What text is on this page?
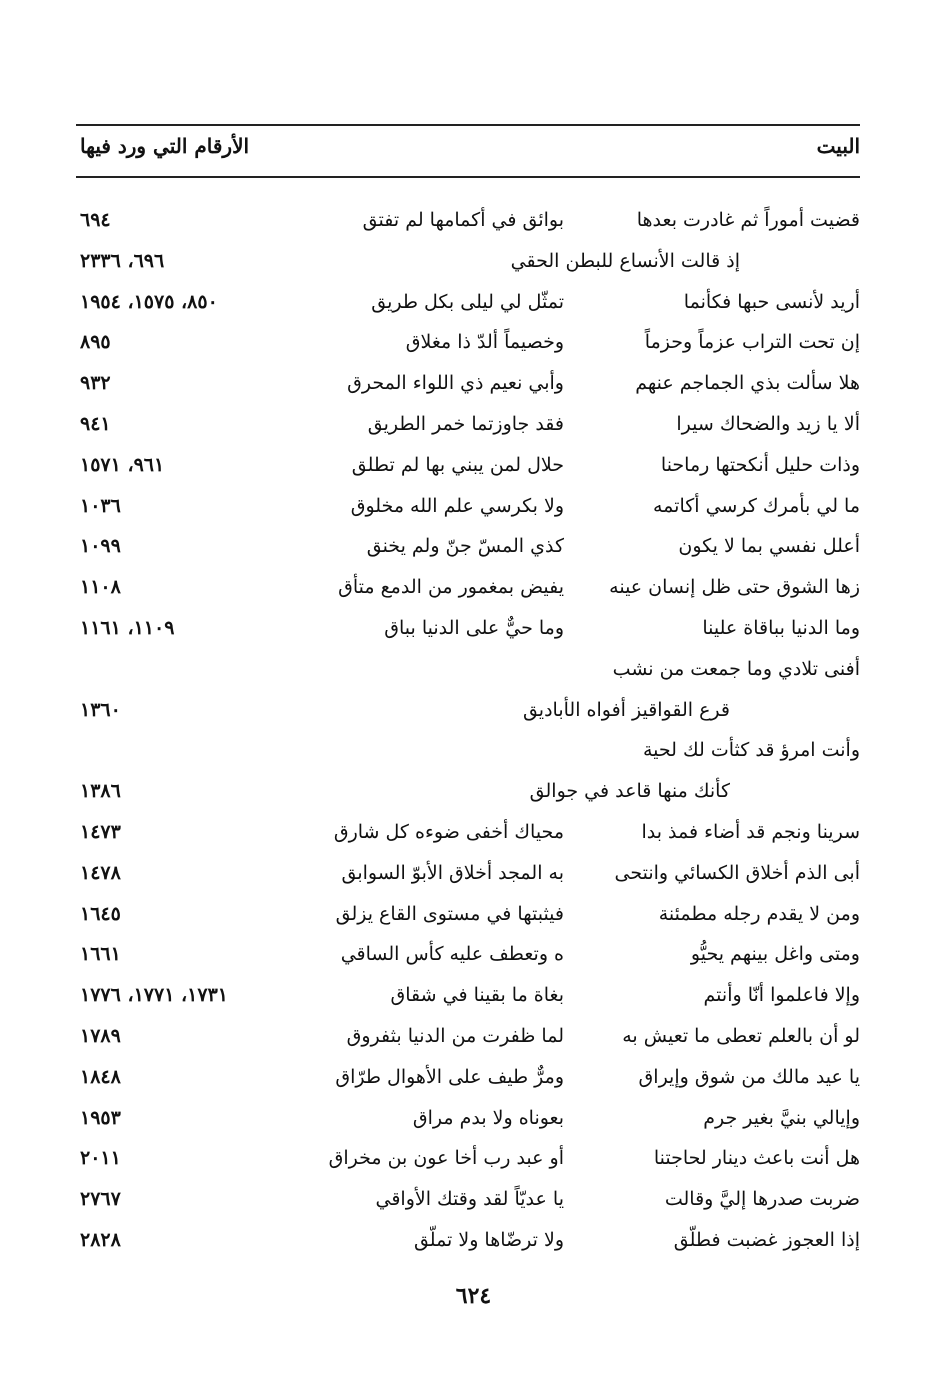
البيت
الأرقام التي ورد فيها
قضيت أموراً ثم غادرت بعدها
بوائق في أكمامها لم تفتق
٦٩٤
إذ قالت الأنساع للبطن الحقي
٦٩٦، ٢٣٣٦
أريد لأنسى حبها فكأنما
تمثّل لي ليلى بكل طريق
٨٥٠، ١٥٧٥، ١٩٥٤
إن تحت التراب عزماً وحزماً
وخصيماً ألدّ ذا مغلاق
٨٩٥
هلا سألت بذي الجماجم عنهم
وأبي نعيم ذي اللواء المحرق
٩٣٢
ألا يا زيد والضحاك سيرا
فقد جاوزتما خمر الطريق
٩٤١
وذات حليل أنكحتها رماحنا
حلال لمن يبني بها لم تطلق
٩٦١، ١٥٧١
ما لي بأمرك كرسي أكاتمه
ولا بكرسي علم الله مخلوق
١٠٣٦
أعلل نفسي بما لا يكون
كذي المسّ جنّ ولم يخنق
١٠٩٩
زها الشوق حتى ظل إنسان عينه
يفيض بمغمور من الدمع متأق
١١٠٨
وما الدنيا بباقاة علينا
وما حيٌّ على الدنيا بباق
١١٠٩، ١١٦١
أفنى تلادي وما جمعت من نشب
قرع القواقيز أفواه الأباديق
١٣٦٠
وأنت امرؤ قد كثأت لك لحية
كأنك منها قاعد في جوالق
١٣٨٦
سرينا ونجم قد أضاء فمذ بدا
محياك أخفى ضوءه كل شارق
١٤٧٣
أبى الذم أخلاق الكسائي وانتحى
به المجد أخلاق الأبوّ السوابق
١٤٧٨
ومن لا يقدم رجله مطمئنة
فيثبتها في مستوى القاع يزلق
١٦٤٥
ومتى واغل بينهم يحيُّو
ه وتعطف عليه كأس الساقي
١٦٦١
وإلا فاعلموا أنّا وأنتم
بغاة ما بقينا في شقاق
١٧٣١، ١٧٧١، ١٧٧٦
لو أن بالعلم تعطى ما تعيش به
لما ظفرت من الدنيا بثفروق
١٧٨٩
يا عيد مالك من شوق وإيراق
ومرٌّ طيف على الأهوال طرّاق
١٨٤٨
وإيالي بنيَّ بغير جرم
بعوناه ولا بدم مراق
١٩٥٣
هل أنت باعث دينار لحاجتنا
أو عبد رب أخا عون بن مخراق
٢٠١١
ضربت صدرها إليَّ وقالت
يا عديّاً لقد وقتك الأواقي
٢٧٦٧
إذا العجوز غضبت فطلّق
ولا ترضّاها ولا تملّق
٢٨٢٨
٦٢٤
